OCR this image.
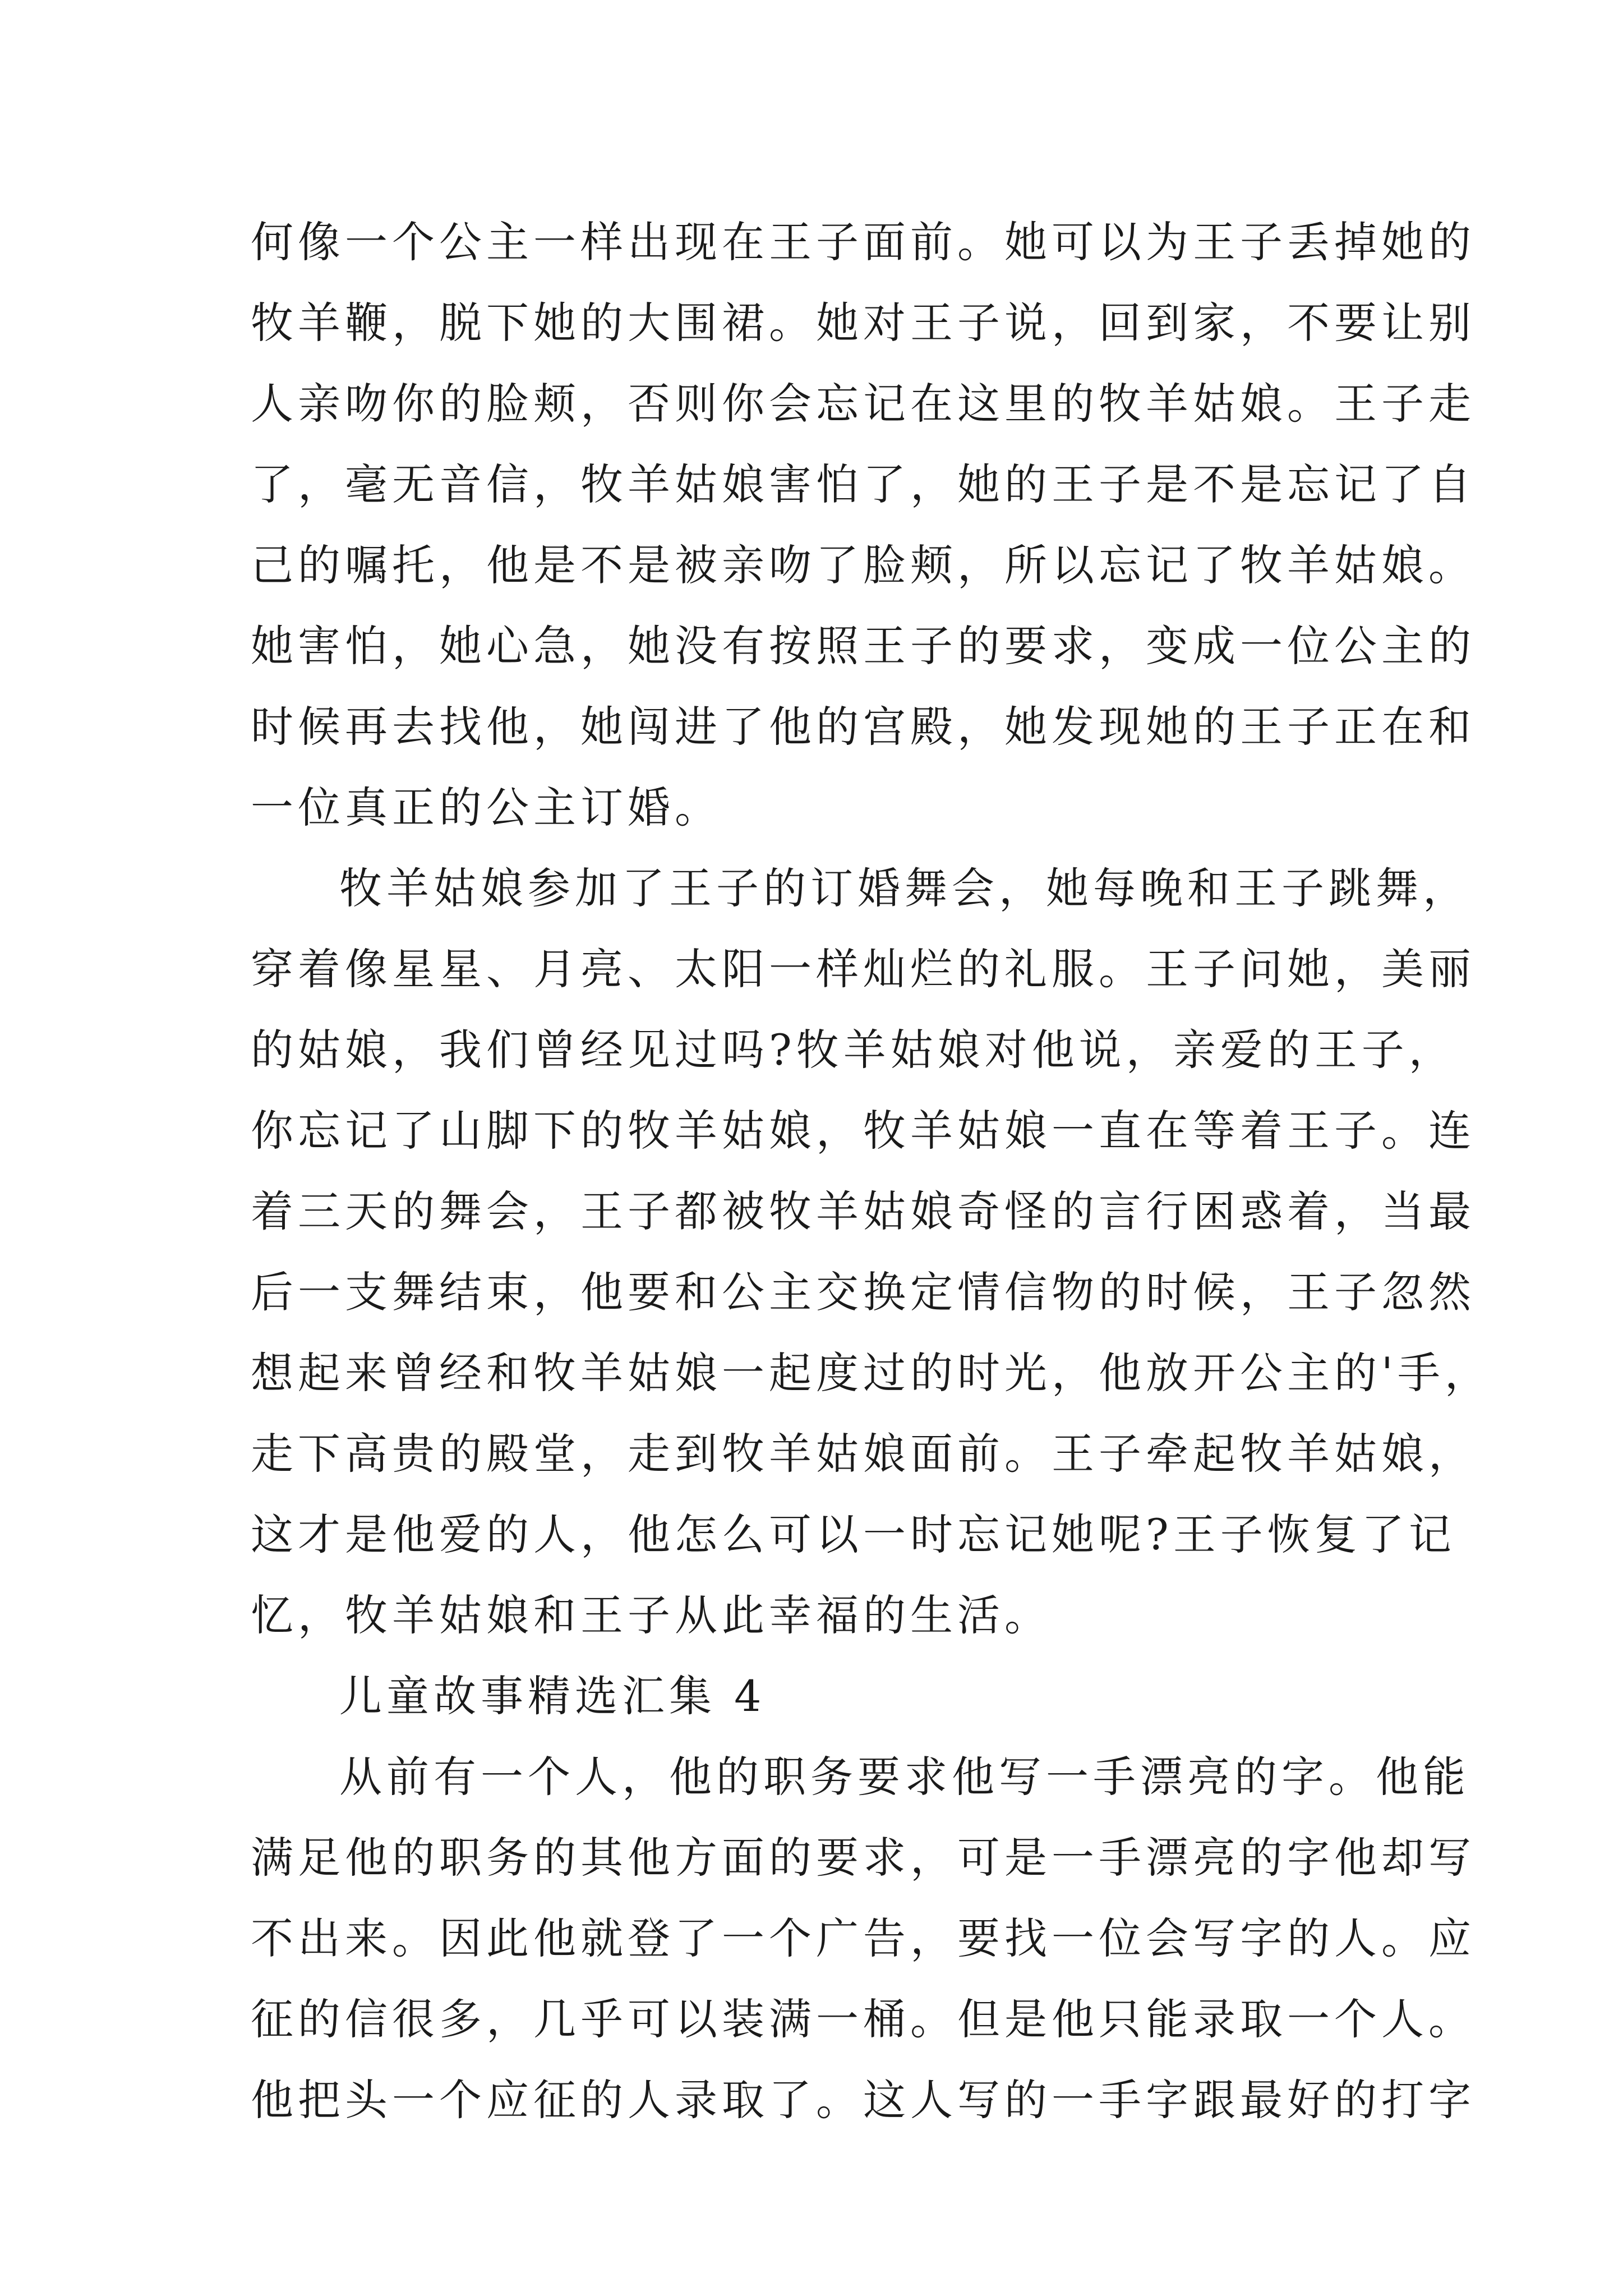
何像一个公主一样出现在王子面前。她可以为王子丢掉她的
牧羊鞭，脱下她的大围裙。她对王子说，回到家，不要让别
人亲吻你的脸颊，否则你会忘记在这里的牧羊姑娘。王子走
了，毫无音信，牧羊姑娘害怕了，她的王子是不是忘记了自
己的嘱托，他是不是被亲吻了脸颊，所以忘记了牧羊姑娘。
她害怕，她心急，她没有按照王子的要求，变成一位公主的
时候再去找他，她闯进了他的宫殿，她发现她的王子正在和
一位真正的公主订婚。
牧羊姑娘参加了王子的订婚舞会，她每晚和王子跳舞，
穿着像星星、月亮、太阳一样灿烂的礼服。王子问她，美丽
的姑娘，我们曾经见过吗?牧羊姑娘对他说，亲爱的王子，
你忘记了山脚下的牧羊姑娘，牧羊姑娘一直在等着王子。连
着三天的舞会，王子都被牧羊姑娘奇怪的言行困惑着，当最
后一支舞结束，他要和公主交换定情信物的时候，王子忽然
想起来曾经和牧羊姑娘一起度过的时光，他放开公主的'手，
走下高贵的殿堂，走到牧羊姑娘面前。王子牵起牧羊姑娘，
这才是他爱的人，他怎么可以一时忘记她呢?王子恢复了记
忆，牧羊姑娘和王子从此幸福的生活。
儿童故事精选汇集 4
从前有一个人，他的职务要求他写一手漂亮的字。他能
满足他的职务的其他方面的要求，可是一手漂亮的字他却写
不出来。因此他就登了一个广告，要找一位会写字的人。应
征的信很多，几乎可以装满一桶。但是他只能录取一个人。
他把头一个应征的人录取了。这人写的一手字跟最好的打字
